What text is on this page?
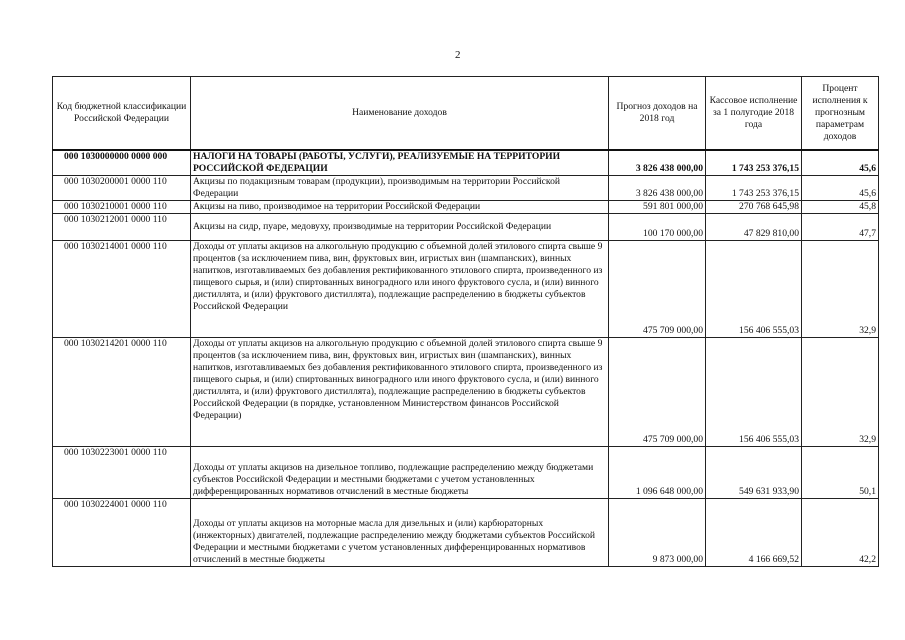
2
Код бюджетной классификации Российской Федерации	Наименование доходов	Прогноз доходов на 2018 год	Кассовое исполнение за 1 полугодие 2018 года	Процент исполнения к прогнозным параметрам доходов
000 1030000000 0000 000	НАЛОГИ НА ТОВАРЫ (РАБОТЫ, УСЛУГИ), РЕАЛИЗУЕМЫЕ НА ТЕРРИТОРИИ РОССИЙСКОЙ ФЕДЕРАЦИИ	3 826 438 000,00	1 743 253 376,15	45,6
000 1030200001 0000 110	Акцизы по подакцизным товарам (продукции), производимым на территории Российской Федерации	3 826 438 000,00	1 743 253 376,15	45,6
000 1030210001 0000 110	Акцизы на пиво, производимое на территории Российской Федерации	591 801 000,00	270 768 645,98	45,8
000 1030212001 0000 110	Акцизы на сидр, пуаре, медовуху, производимые на территории Российской Федерации	100 170 000,00	47 829 810,00	47,7
000 1030214001 0000 110	Доходы от уплаты акцизов на алкогольную продукцию с объемной долей этилового спирта свыше 9 процентов (за исключением пива, вин, фруктовых вин, игристых вин (шампанских), винных напитков, изготавливаемых без добавления ректификованного этилового спирта, произведенного из пищевого сырья, и (или) спиртованных виноградного или иного фруктового сусла, и (или) винного дистиллята, и (или) фруктового дистиллята), подлежащие распределению в бюджеты субъектов Российской Федерации	475 709 000,00	156 406 555,03	32,9
000 1030214201 0000 110	Доходы от уплаты акцизов на алкогольную продукцию с объемной долей этилового спирта свыше 9 процентов (за исключением пива, вин, фруктовых вин, игристых вин (шампанских), винных напитков, изготавливаемых без добавления ректификованного этилового спирта, произведенного из пищевого сырья, и (или) спиртованных виноградного или иного фруктового сусла, и (или) винного дистиллята, и (или) фруктового дистиллята), подлежащие распределению в бюджеты субъектов Российской Федерации (в порядке, установленном Министерством финансов Российской Федерации)	475 709 000,00	156 406 555,03	32,9
000 1030223001 0000 110	Доходы от уплаты акцизов на дизельное топливо, подлежащие распределению между бюджетами субъектов Российской Федерации и местными бюджетами с учетом установленных дифференцированных нормативов отчислений в местные бюджеты	1 096 648 000,00	549 631 933,90	50,1
000 1030224001 0000 110	Доходы от уплаты акцизов на моторные масла для дизельных и (или) карбюраторных (инжекторных) двигателей, подлежащие распределению между бюджетами субъектов Российской Федерации и местными бюджетами с учетом установленных дифференцированных нормативов отчислений в местные бюджеты	9 873 000,00	4 166 669,52	42,2
